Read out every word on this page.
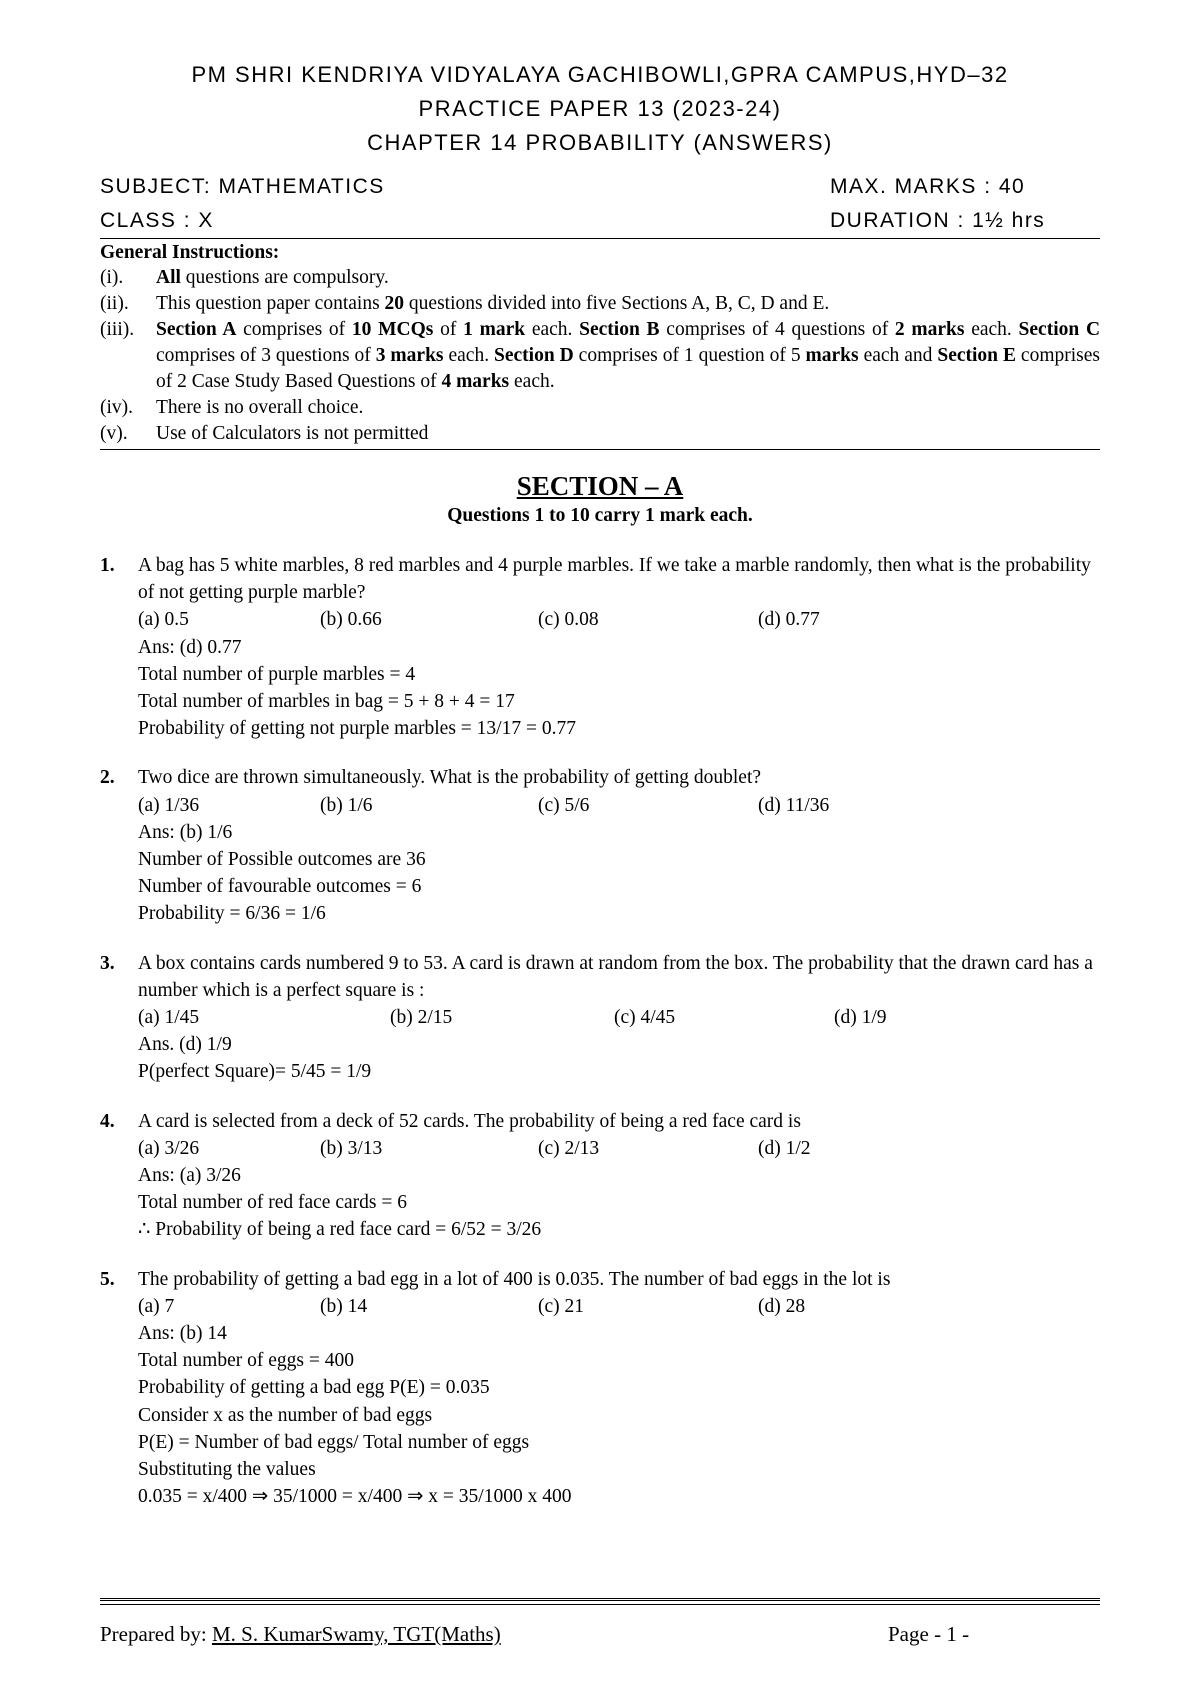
PM SHRI KENDRIYA VIDYALAYA GACHIBOWLI,GPRA CAMPUS,HYD–32
PRACTICE PAPER 13 (2023-24)
CHAPTER 14 PROBABILITY (ANSWERS)
SUBJECT: MATHEMATICS	MAX. MARKS : 40
CLASS : X	DURATION : 1½ hrs
General Instructions:
(i). All questions are compulsory.
(ii). This question paper contains 20 questions divided into five Sections A, B, C, D and E.
(iii). Section A comprises of 10 MCQs of 1 mark each. Section B comprises of 4 questions of 2 marks each. Section C comprises of 3 questions of 3 marks each. Section D comprises of 1 question of 5 marks each and Section E comprises of 2 Case Study Based Questions of 4 marks each.
(iv). There is no overall choice.
(v). Use of Calculators is not permitted
SECTION – A
Questions 1 to 10 carry 1 mark each.
1. A bag has 5 white marbles, 8 red marbles and 4 purple marbles. If we take a marble randomly, then what is the probability of not getting purple marble?
(a) 0.5	(b) 0.66	(c) 0.08	(d) 0.77
Ans: (d) 0.77
Total number of purple marbles = 4
Total number of marbles in bag = 5 + 8 + 4 = 17
Probability of getting not purple marbles = 13/17 = 0.77
2. Two dice are thrown simultaneously. What is the probability of getting doublet?
(a) 1/36	(b) 1/6	(c) 5/6	(d) 11/36
Ans: (b) 1/6
Number of Possible outcomes are 36
Number of favourable outcomes = 6
Probability = 6/36 = 1/6
3. A box contains cards numbered 9 to 53. A card is drawn at random from the box. The probability that the drawn card has a number which is a perfect square is :
(a) 1/45	(b) 2/15	(c) 4/45	(d) 1/9
Ans. (d) 1/9
P(perfect Square)= 5/45 = 1/9
4. A card is selected from a deck of 52 cards. The probability of being a red face card is
(a) 3/26	(b) 3/13	(c) 2/13	(d) 1/2
Ans: (a) 3/26
Total number of red face cards = 6
∴ Probability of being a red face card = 6/52 = 3/26
5. The probability of getting a bad egg in a lot of 400 is 0.035. The number of bad eggs in the lot is
(a) 7	(b) 14	(c) 21	(d) 28
Ans: (b) 14
Total number of eggs = 400
Probability of getting a bad egg P(E) = 0.035
Consider x as the number of bad eggs
P(E) = Number of bad eggs/ Total number of eggs
Substituting the values
0.035 = x/400 ⇒ 35/1000 = x/400 ⇒ x = 35/1000 x 400
Prepared by: M. S. KumarSwamy, TGT(Maths)	Page - 1 -
